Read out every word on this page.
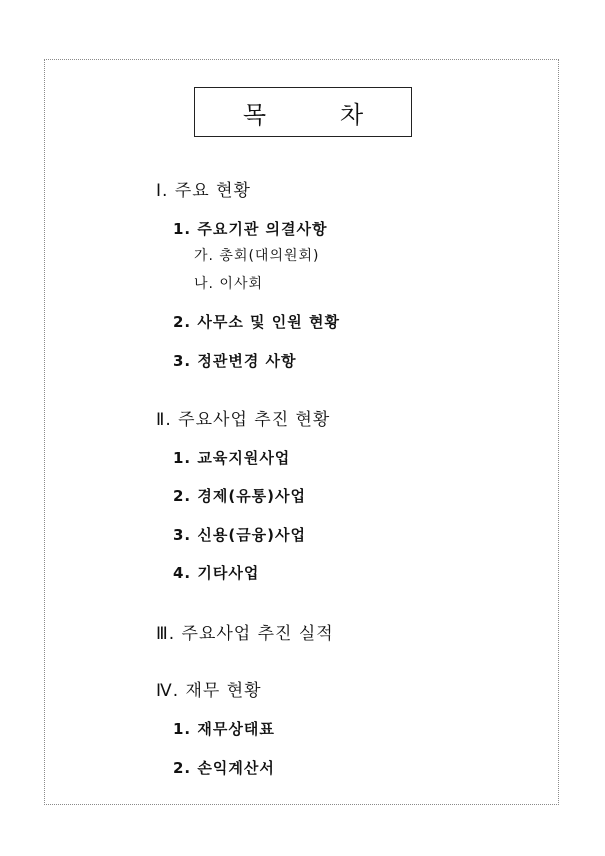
목	차
Ⅰ. 주요 현황
1. 주요기관 의결사항
가. 총회(대의원회)
나. 이사회
2. 사무소 및 인원 현황
3. 정관변경 사항
Ⅱ. 주요사업 추진 현황
1. 교육지원사업
2. 경제(유통)사업
3. 신용(금융)사업
4. 기타사업
Ⅲ. 주요사업 추진 실적
Ⅳ. 재무 현황
1. 재무상태표
2. 손익계산서
